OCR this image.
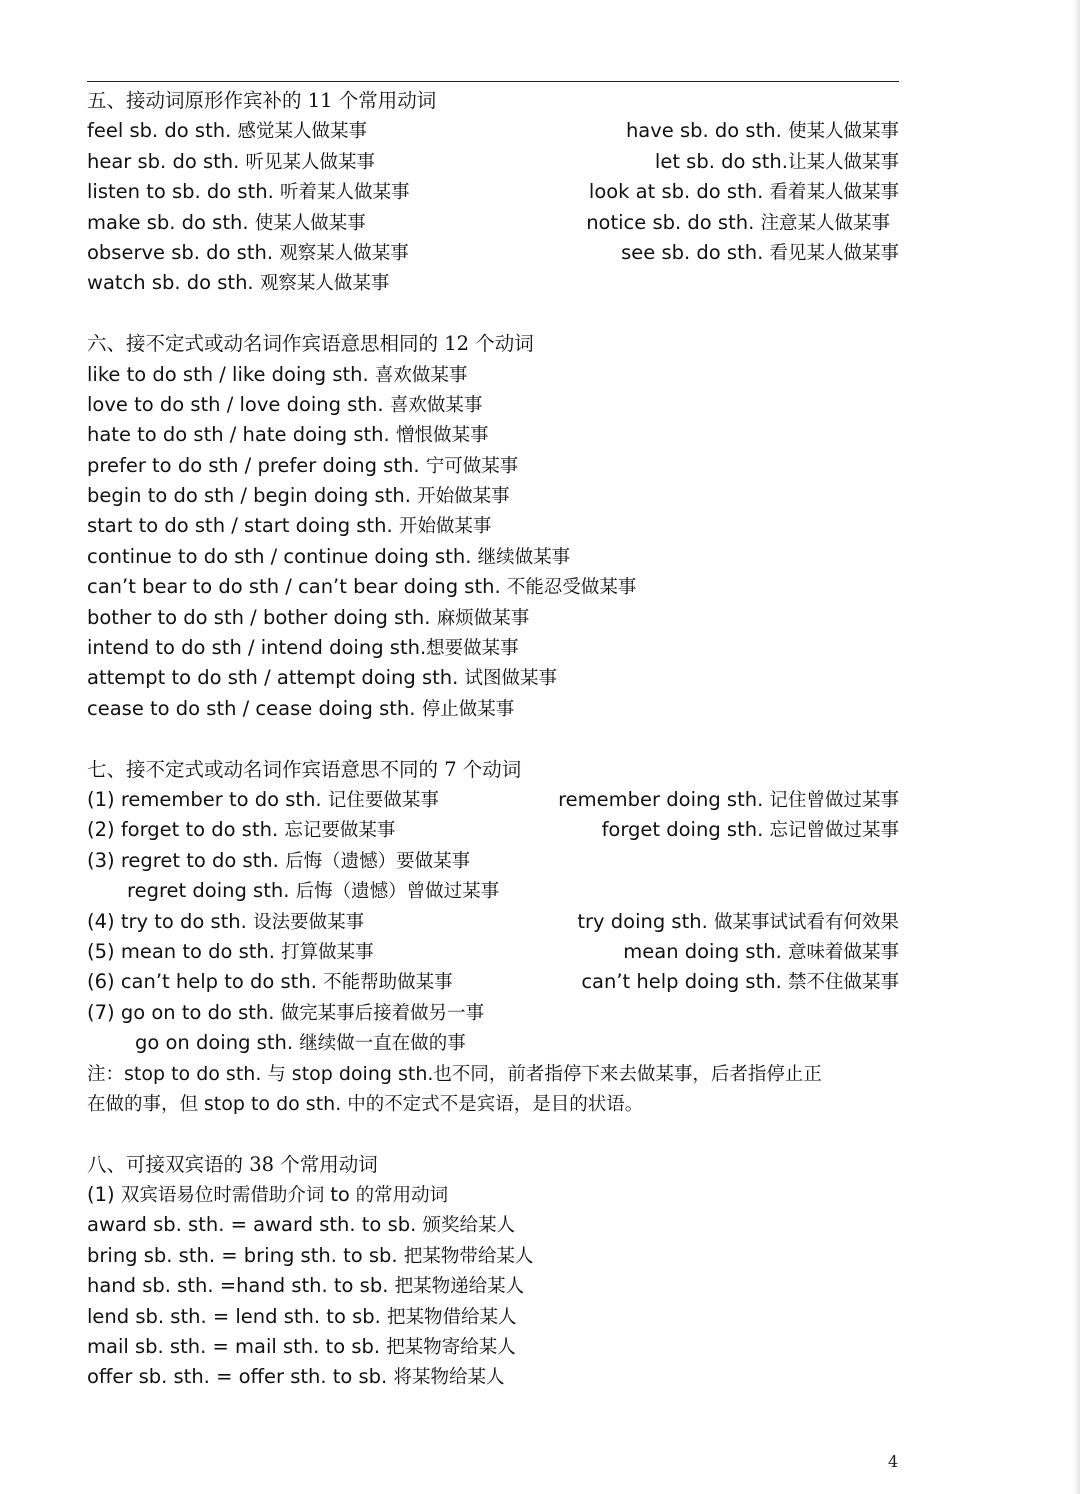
五、接动词原形作宾补的 11 个常用动词
feel sb. do sth. 感觉某人做某事	have sb. do sth. 使某人做某事
hear sb. do sth. 听见某人做某事	let sb. do sth.让某人做某事
listen to sb. do sth. 听着某人做某事	look at sb. do sth. 看着某人做某事
make sb. do sth. 使某人做某事	notice sb. do sth. 注意某人做某事
observe sb. do sth. 观察某人做某事	see sb. do sth. 看见某人做某事
watch sb. do sth. 观察某人做某事
六、接不定式或动名词作宾语意思相同的 12 个动词
like to do sth / like doing sth. 喜欢做某事
love to do sth / love doing sth. 喜欢做某事
hate to do sth / hate doing sth. 憎恨做某事
prefer to do sth / prefer doing sth. 宁可做某事
begin to do sth / begin doing sth. 开始做某事
start to do sth / start doing sth. 开始做某事
continue to do sth / continue doing sth. 继续做某事
can’t bear to do sth / can’t bear doing sth. 不能忍受做某事
bother to do sth / bother doing sth. 麻烦做某事
intend to do sth / intend doing sth.想要做某事
attempt to do sth / attempt doing sth. 试图做某事
cease to do sth / cease doing sth. 停止做某事
七、接不定式或动名词作宾语意思不同的 7 个动词
(1) remember to do sth. 记住要做某事	remember doing sth. 记住曾做过某事
(2) forget to do sth. 忘记要做某事	forget doing sth. 忘记曾做过某事
(3) regret to do sth. 后悔（遗憾）要做某事
regret doing sth. 后悔（遗憾）曾做过某事
(4) try to do sth. 设法要做某事	try doing sth. 做某事试试看有何效果
(5) mean to do sth. 打算做某事	mean doing sth. 意味着做某事
(6) can’t help to do sth. 不能帮助做某事	can’t help doing sth. 禁不住做某事
(7) go on to do sth. 做完某事后接着做另一事
go on doing sth. 继续做一直在做的事
注：stop to do sth. 与 stop doing sth.也不同，前者指停下来去做某事，后者指停止正
在做的事，但 stop to do sth. 中的不定式不是宾语，是目的状语。
八、可接双宾语的 38 个常用动词
(1) 双宾语易位时需借助介词 to 的常用动词
award sb. sth. = award sth. to sb. 颁奖给某人
bring sb. sth. = bring sth. to sb. 把某物带给某人
hand sb. sth. =hand sth. to sb. 把某物递给某人
lend sb. sth. = lend sth. to sb. 把某物借给某人
mail sb. sth. = mail sth. to sb. 把某物寄给某人
offer sb. sth. = offer sth. to sb. 将某物给某人
4
